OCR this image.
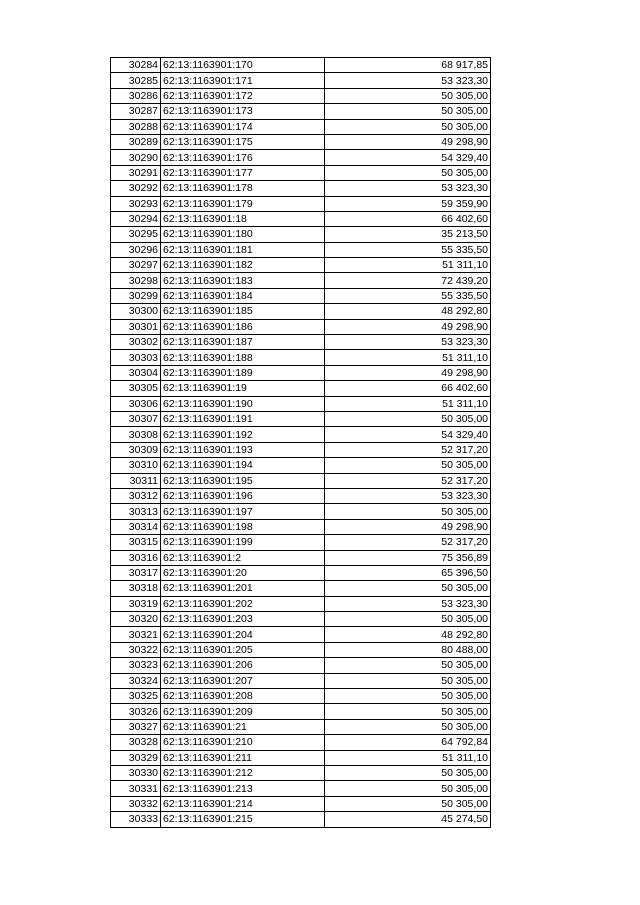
30284	62:13:1163901:170	68 917,85
30285	62:13:1163901:171	53 323,30
30286	62:13:1163901:172	50 305,00
30287	62:13:1163901:173	50 305,00
30288	62:13:1163901:174	50 305,00
30289	62:13:1163901:175	49 298,90
30290	62:13:1163901:176	54 329,40
30291	62:13:1163901:177	50 305,00
30292	62:13:1163901:178	53 323,30
30293	62:13:1163901:179	59 359,90
30294	62:13:1163901:18	66 402,60
30295	62:13:1163901:180	35 213,50
30296	62:13:1163901:181	55 335,50
30297	62:13:1163901:182	51 311,10
30298	62:13:1163901:183	72 439,20
30299	62:13:1163901:184	55 335,50
30300	62:13:1163901:185	48 292,80
30301	62:13:1163901:186	49 298,90
30302	62:13:1163901:187	53 323,30
30303	62:13:1163901:188	51 311,10
30304	62:13:1163901:189	49 298,90
30305	62:13:1163901:19	66 402,60
30306	62:13:1163901:190	51 311,10
30307	62:13:1163901:191	50 305,00
30308	62:13:1163901:192	54 329,40
30309	62:13:1163901:193	52 317,20
30310	62:13:1163901:194	50 305,00
30311	62:13:1163901:195	52 317,20
30312	62:13:1163901:196	53 323,30
30313	62:13:1163901:197	50 305,00
30314	62:13:1163901:198	49 298,90
30315	62:13:1163901:199	52 317,20
30316	62:13:1163901:2	75 356,89
30317	62:13:1163901:20	65 396,50
30318	62:13:1163901:201	50 305,00
30319	62:13:1163901:202	53 323,30
30320	62:13:1163901:203	50 305,00
30321	62:13:1163901:204	48 292,80
30322	62:13:1163901:205	80 488,00
30323	62:13:1163901:206	50 305,00
30324	62:13:1163901:207	50 305,00
30325	62:13:1163901:208	50 305,00
30326	62:13:1163901:209	50 305,00
30327	62:13:1163901:21	50 305,00
30328	62:13:1163901:210	64 792,84
30329	62:13:1163901:211	51 311,10
30330	62:13:1163901:212	50 305,00
30331	62:13:1163901:213	50 305,00
30332	62:13:1163901:214	50 305,00
30333	62:13:1163901:215	45 274,50
